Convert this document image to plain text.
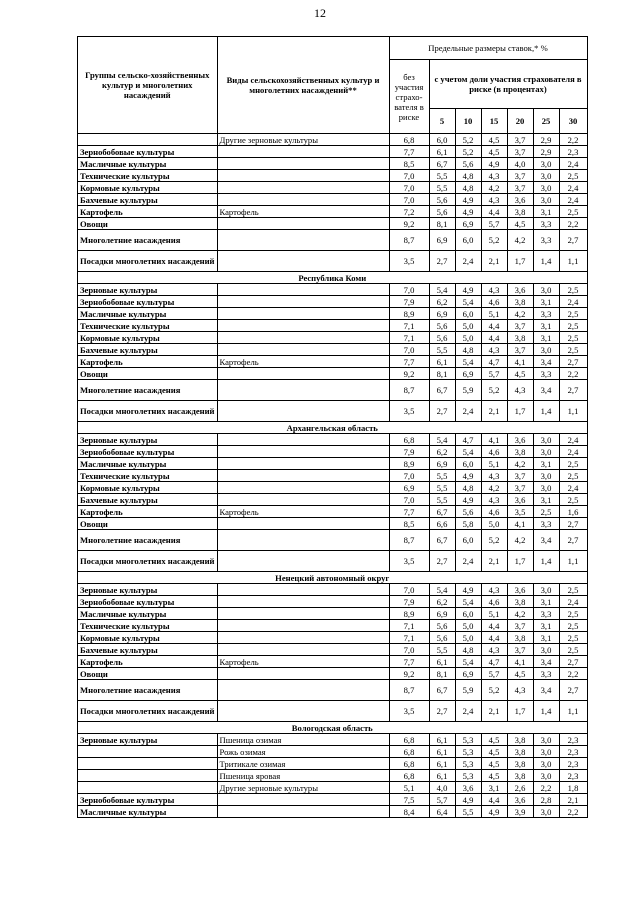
12
Группы сельско-хозяйственных культур и многолетних насаждений	Виды сельскохозяйственных культур и многолетних насаждений**	Предельные размеры ставок,* %						
		без участия страхо-вателя в риске	с учетом доли участия страхователя в риске (в процентах)					
			5	10	15	20	25	30
	Другие зерновые культуры	6,8	6,0	5,2	4,5	3,7	2,9	2,2
Зернобобовые культуры		7,7	6,1	5,2	4,5	3,7	2,9	2,3
Масличные культуры		8,5	6,7	5,6	4,9	4,0	3,0	2,4
Технические культуры		7,0	5,5	4,8	4,3	3,7	3,0	2,5
Кормовые культуры		7,0	5,5	4,8	4,2	3,7	3,0	2,4
Бахчевые культуры		7,0	5,6	4,9	4,3	3,6	3,0	2,4
Картофель	Картофель	7,2	5,6	4,9	4,4	3,8	3,1	2,5
Овощи		9,2	8,1	6,9	5,7	4,5	3,3	2,2
Многолетние насаждения		8,7	6,9	6,0	5,2	4,2	3,3	2,7
Посадки многолетних насаждений		3,5	2,7	2,4	2,1	1,7	1,4	1,1
Республика Коми								
Зерновые культуры		7,0	5,4	4,9	4,3	3,6	3,0	2,5
Зернобобовые культуры		7,9	6,2	5,4	4,6	3,8	3,1	2,4
Масличные культуры		8,9	6,9	6,0	5,1	4,2	3,3	2,5
Технические культуры		7,1	5,6	5,0	4,4	3,7	3,1	2,5
Кормовые культуры		7,1	5,6	5,0	4,4	3,8	3,1	2,5
Бахчевые культуры		7,0	5,5	4,8	4,3	3,7	3,0	2,5
Картофель	Картофель	7,7	6,1	5,4	4,7	4,1	3,4	2,7
Овощи		9,2	8,1	6,9	5,7	4,5	3,3	2,2
Многолетние насаждения		8,7	6,7	5,9	5,2	4,3	3,4	2,7
Посадки многолетних насаждений		3,5	2,7	2,4	2,1	1,7	1,4	1,1
Архангельская область								
Зерновые культуры		6,8	5,4	4,7	4,1	3,6	3,0	2,4
Зернобобовые культуры		7,9	6,2	5,4	4,6	3,8	3,0	2,4
Масличные культуры		8,9	6,9	6,0	5,1	4,2	3,1	2,5
Технические культуры		7,0	5,5	4,9	4,3	3,7	3,0	2,5
Кормовые культуры		6,9	5,5	4,8	4,2	3,7	3,0	2,4
Бахчевые культуры		7,0	5,5	4,9	4,3	3,6	3,1	2,5
Картофель	Картофель	7,7	6,7	5,6	4,6	3,5	2,5	1,6
Овощи		8,5	6,6	5,8	5,0	4,1	3,3	2,7
Многолетние насаждения		8,7	6,7	6,0	5,2	4,2	3,4	2,7
Посадки многолетних насаждений		3,5	2,7	2,4	2,1	1,7	1,4	1,1
Ненецкий автономный округ								
Зерновые культуры		7,0	5,4	4,9	4,3	3,6	3,0	2,5
Зернобобовые культуры		7,9	6,2	5,4	4,6	3,8	3,1	2,4
Масличные культуры		8,9	6,9	6,0	5,1	4,2	3,3	2,5
Технические культуры		7,1	5,6	5,0	4,4	3,7	3,1	2,5
Кормовые культуры		7,1	5,6	5,0	4,4	3,8	3,1	2,5
Бахчевые культуры		7,0	5,5	4,8	4,3	3,7	3,0	2,5
Картофель	Картофель	7,7	6,1	5,4	4,7	4,1	3,4	2,7
Овощи		9,2	8,1	6,9	5,7	4,5	3,3	2,2
Многолетние насаждения		8,7	6,7	5,9	5,2	4,3	3,4	2,7
Посадки многолетних насаждений		3,5	2,7	2,4	2,1	1,7	1,4	1,1
Вологодская область								
Зерновые культуры	Пшеница озимая	6,8	6,1	5,3	4,5	3,8	3,0	2,3
	Рожь озимая	6,8	6,1	5,3	4,5	3,8	3,0	2,3
	Тритикале озимая	6,8	6,1	5,3	4,5	3,8	3,0	2,3
	Пшеница яровая	6,8	6,1	5,3	4,5	3,8	3,0	2,3
	Другие зерновые культуры	5,1	4,0	3,6	3,1	2,6	2,2	1,8
Зернобобовые культуры		7,5	5,7	4,9	4,4	3,6	2,8	2,1
Масличные культуры		8,4	6,4	5,5	4,9	3,9	3,0	2,2
